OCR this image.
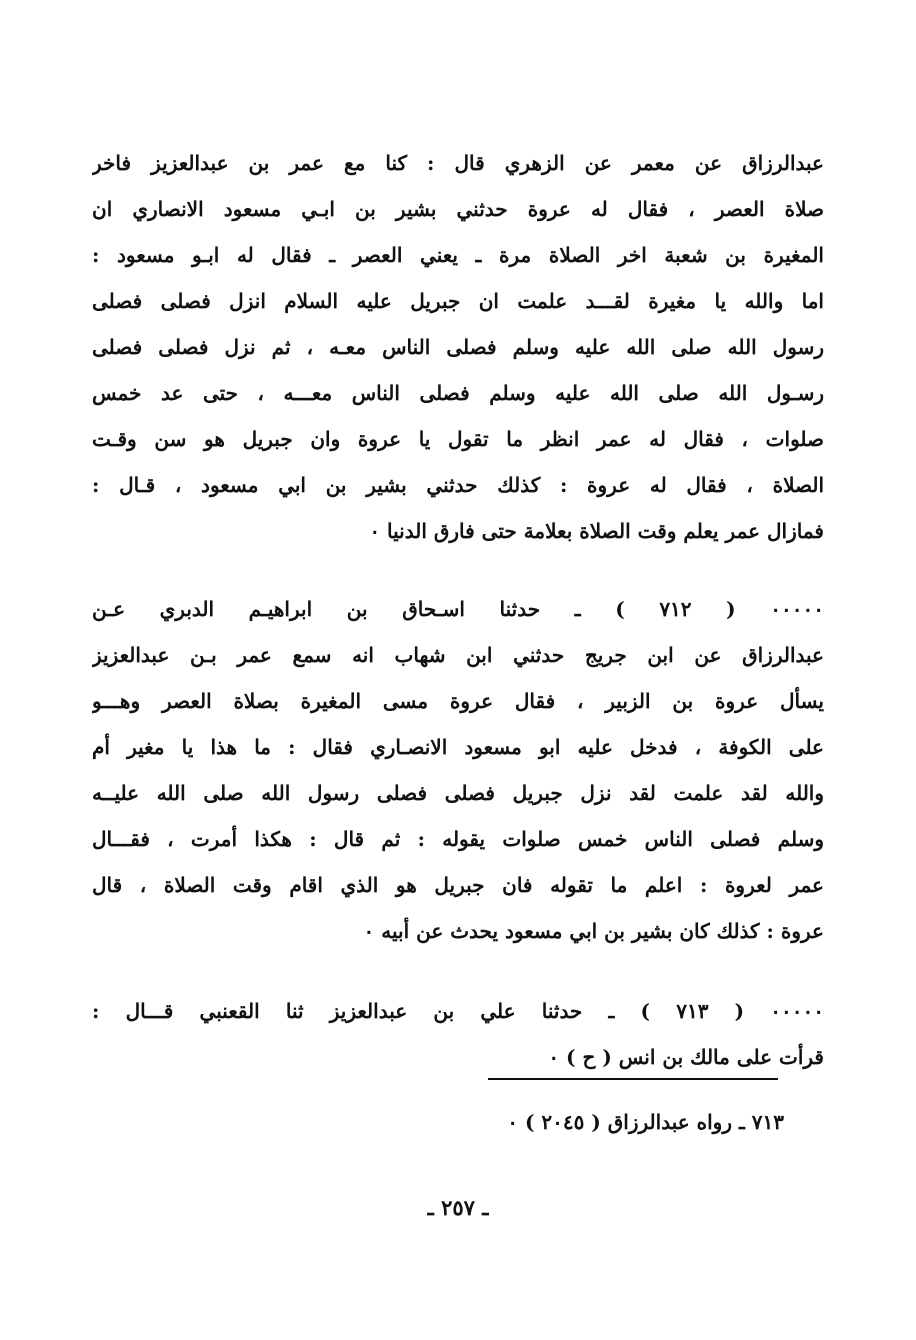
عبدالرزاق عن معمر عن الزهري قال : كنا مع عمر بن عبدالعزيز فاخر
صلاة العصر ، فقال له عروة حدثني بشير بن ابـي مسعود الانصاري ان
المغيرة بن شعبة اخر الصلاة مرة ـ يعني العصر ـ فقال له ابـو مسعود :
اما والله يا مغيرة لقـــد علمت ان جبريل عليه السلام انزل فصلى فصلى
رسول الله صلى الله عليه وسلم فصلى الناس معـه ، ثم نزل فصلى فصلى
رسـول الله صلى الله عليه وسلم فصلى الناس معـــه ، حتى عد خمس
صلوات ، فقال له عمر انظر ما تقول يا عروة وان جبريل هو سن وقـت
الصلاة ، فقال له عروة : كذلك حدثني بشير بن ابي مسعود ، قـال :
فمازال عمر يعلم وقت الصلاة بعلامة حتى فارق الدنيا ٠
٠٠٠٠٠ ( ٧١٢ ) ـ حدثنا اسـحاق بن ابراهيـم الدبري عـن
عبدالرزاق عن ابن جريج حدثني ابن شهاب انه سمع عمر بـن عبدالعزيز
يسأل عروة بن الزبير ، فقال عروة مسى المغيرة بصلاة العصر وهـــو
على الكوفة ، فدخل عليه ابو مسعود الانصـاري فقال : ما هذا يا مغير أم
والله لقد علمت لقد نزل جبريل فصلى فصلى رسول الله صلى الله عليــه
وسلم فصلى الناس خمس صلوات يقوله : ثم قال : هكذا أمرت ، فقـــال
عمر لعروة : اعلم ما تقوله فان جبريل هو الذي اقام وقت الصلاة ، قال
عروة : كذلك كان بشير بن ابي مسعود يحدث عن أبيه ٠
٠٠٠٠٠ ( ٧١٣ ) ـ حدثنا علي بن عبدالعزيز ثنا القعنبي قـــال :
قرأت على مالك بن انس ( ح ) ٠
٧١٣ ـ رواه عبدالرزاق ( ٢٠٤٥ ) ٠
ـ ٢٥٧ ـ
